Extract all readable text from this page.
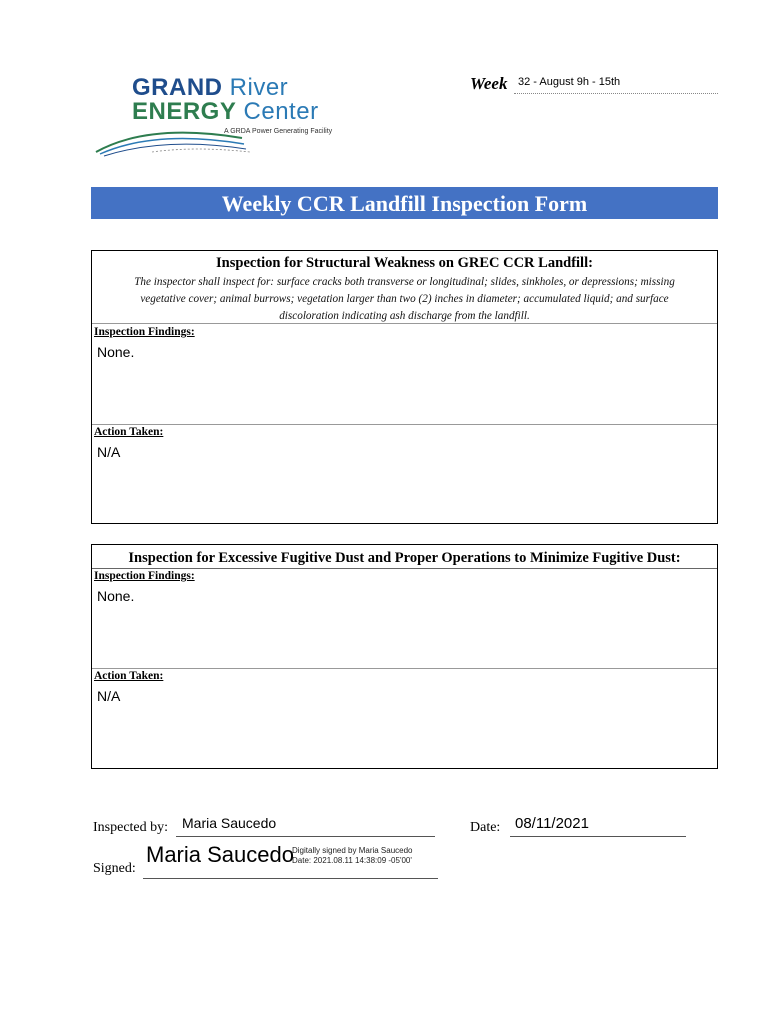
GRAND River
ENERGY Center
A GRDA Power Generating Facility
Week 32 - August 9h - 15th
Weekly CCR Landfill Inspection Form
Inspection for Structural Weakness on GREC CCR Landfill:
The inspector shall inspect for: surface cracks both transverse or longitudinal; slides, sinkholes, or depressions; missing
vegetative cover; animal burrows; vegetation larger than two (2) inches in diameter; accumulated liquid; and surface
discoloration indicating ash discharge from the landfill.
Inspection Findings:
None.
Action Taken:
N/A
Inspection for Excessive Fugitive Dust and Proper Operations to Minimize Fugitive Dust:
Inspection Findings:
None.
Action Taken:
N/A
Inspected by: Maria Saucedo	Date: 08/11/2021
Signed:
Maria Saucedo
Digitally signed by Maria Saucedo
Date: 2021.08.11 14:38:09 -05'00'
